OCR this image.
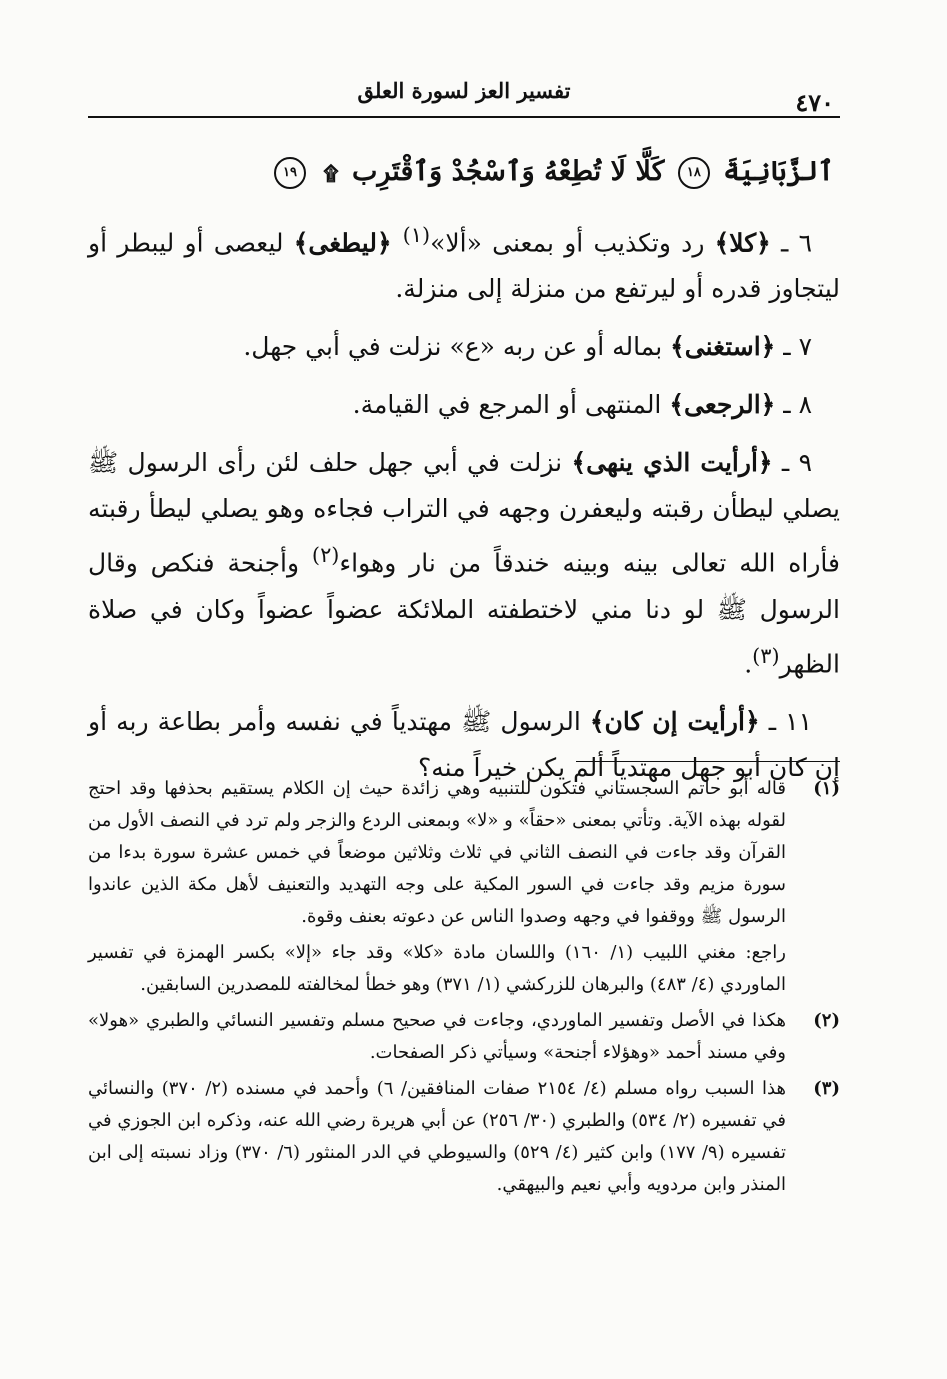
تفسير العز لسورة العلق	٤٧٠
ٱلزَّبَانِيَةَ ١٨ كَلَّا لَا تُطِعْهُ وَٱسْجُدْ وَٱقْتَرِب ۩ ١٩

٦ ـ ﴿كلا﴾ رد وتكذيب أو بمعنى «ألا»$^{(١)}$ ﴿ليطغى﴾ ليعصى أو ليبطر أو ليتجاوز قدره أو ليرتفع من منزلة إلى منزلة.

٧ ـ ﴿استغنى﴾ بماله أو عن ربه «ع» نزلت في أبي جهل.

٨ ـ ﴿الرجعى﴾ المنتهى أو المرجع في القيامة.

٩ ـ ﴿أرأيت الذي ينهى﴾ نزلت في أبي جهل حلف لئن رأى الرسول ﷺ يصلي ليطأن رقبته وليعفرن وجهه في التراب فجاءه وهو يصلي ليطأ رقبته فأراه الله تعالى بينه وبينه خندقاً من نار وهواء$^{(٢)}$ وأجنحة فنكص وقال الرسول ﷺ لو دنا مني لاختطفته الملائكة عضواً عضواً وكان في صلاة الظهر$^{(٣)}$.

١١ ـ ﴿أرأيت إن كان﴾ الرسول ﷺ مهتدياً في نفسه وأمر بطاعة ربه أو إن كان أبو جهل مهتدياً ألم يكن خيراً منه؟

(١)

قاله أبو حاتم السجستاني فتكون للتنبيه وهي زائدة حيث إن الكلام يستقيم بحذفها وقد احتج لقوله بهذه الآية. وتأتي بمعنى «حقاً» و «لا» وبمعنى الردع والزجر ولم ترد في النصف الأول من القرآن وقد جاءت في النصف الثاني في ثلاث وثلاثين موضعاً في خمس عشرة سورة بدءا من سورة مزيم وقد جاءت في السور المكية على وجه التهديد والتعنيف لأهل مكة الذين عاندوا الرسول ﷺ ووقفوا في وجهه وصدوا الناس عن دعوته بعنف وقوة.

راجع: مغني اللبيب (١/ ١٦٠) واللسان مادة «كلا» وقد جاء «إلا» بكسر الهمزة في تفسير الماوردي (٤/ ٤٨٣) والبرهان للزركشي (١/ ٣٧١) وهو خطأ لمخالفته للمصدرين السابقين.

(٢)

هكذا في الأصل وتفسير الماوردي، وجاءت في صحيح مسلم وتفسير النسائي والطبري «هولا» وفي مسند أحمد «وهؤلاء أجنحة» وسيأتي ذكر الصفحات.

(٣)

هذا السبب رواه مسلم (٤/ ٢١٥٤ صفات المنافقين/ ٦) وأحمد في مسنده (٢/ ٣٧٠) والنسائي في تفسيره (٢/ ٥٣٤) والطبري (٣٠/ ٢٥٦) عن أبي هريرة رضي الله عنه، وذكره ابن الجوزي في تفسيره (٩/ ١٧٧) وابن كثير (٤/ ٥٢٩) والسيوطي في الدر المنثور (٦/ ٣٧٠) وزاد نسبته إلى ابن المنذر وابن مردويه وأبي نعيم والبيهقي.
